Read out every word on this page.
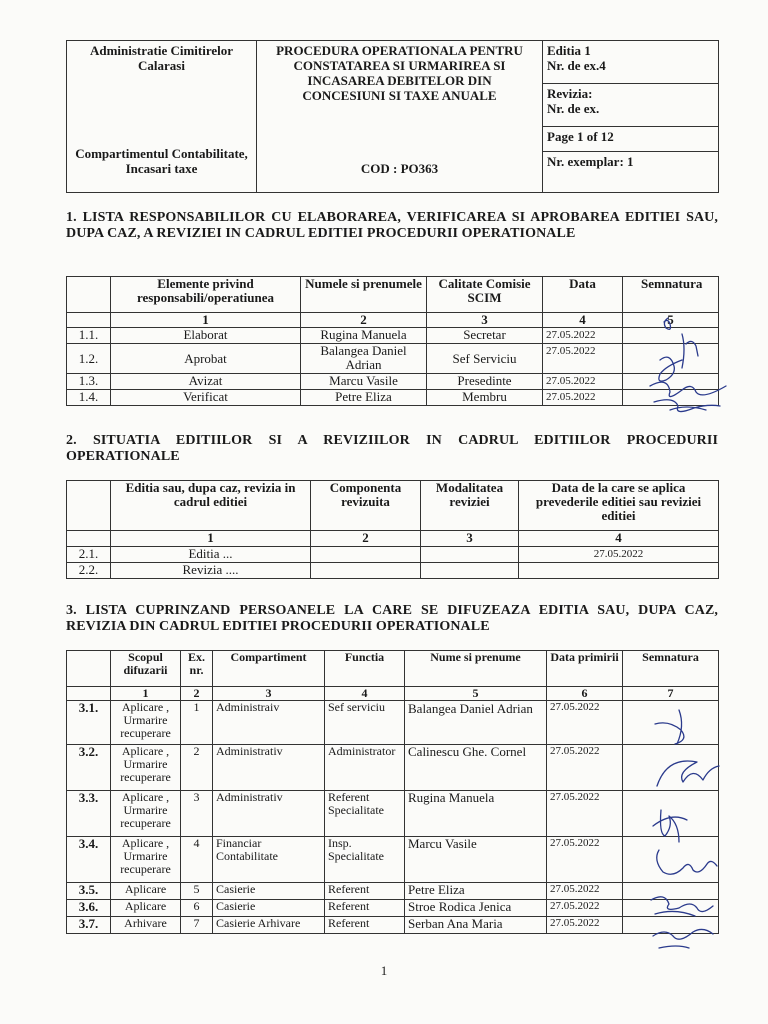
Administratie Cimitirelor Calarasi
Compartimentul Contabilitate, Incasari taxe

PROCEDURA OPERATIONALA PENTRU CONSTATAREA SI URMARIREA SI INCASAREA DEBITELOR DIN CONCESIUNI SI TAXE ANUALE
COD : PO363

Editia 1
Nr. de ex.4
Revizia:
Nr. de ex.
Page 1 of 12
Nr. exemplar: 1
1. LISTA RESPONSABILILOR CU ELABORAREA, VERIFICAREA SI APROBAREA EDITIEI SAU, DUPA CAZ, A REVIZIEI IN CADRUL EDITIEI PROCEDURII OPERATIONALE
	Elemente privind responsabili/operatiunea	Numele si prenumele	Calitate Comisie SCIM	Data	Semnatura
	1	2	3	4	5
1.1.	Elaborat	Rugina Manuela	Secretar	27.05.2022	
1.2.	Aprobat	Balangea Daniel Adrian	Sef Serviciu	27.05.2022	
1.3.	Avizat	Marcu Vasile	Presedinte	27.05.2022	
1.4.	Verificat	Petre Eliza	Membru	27.05.2022	
2. SITUATIA EDITIILOR SI A REVIZIILOR IN CADRUL EDITIILOR PROCEDURII OPERATIONALE
	Editia sau, dupa caz, revizia in cadrul editiei	Componenta revizuita	Modalitatea reviziei	Data de la care se aplica prevederile editiei sau reviziei editiei
	1	2	3	4
2.1.	Editia ...			27.05.2022
2.2.	Revizia ....			
3. LISTA CUPRINZAND PERSOANELE LA CARE SE DIFUZEAZA EDITIA SAU, DUPA CAZ, REVIZIA DIN CADRUL EDITIEI PROCEDURII OPERATIONALE
	Scopul difuzarii	Ex. nr.	Compartiment	Functia	Nume si prenume	Data primirii	Semnatura
	1	2	3	4	5	6	7
3.1.	Aplicare , Urmarire recuperare	1	Administraiv	Sef serviciu	Balangea Daniel Adrian	27.05.2022	
3.2.	Aplicare , Urmarire recuperare	2	Administrativ	Administrator	Calinescu Ghe. Cornel	27.05.2022	
3.3.	Aplicare , Urmarire recuperare	3	Administrativ	Referent Specialitate	Rugina Manuela	27.05.2022	
3.4.	Aplicare , Urmarire recuperare	4	Financiar Contabilitate	Insp. Specialitate	Marcu Vasile	27.05.2022	
3.5.	Aplicare	5	Casierie	Referent	Petre Eliza	27.05.2022	
3.6.	Aplicare	6	Casierie	Referent	Stroe Rodica Jenica	27.05.2022	
3.7.	Arhivare	7	Casierie Arhivare	Referent	Serban Ana Maria	27.05.2022	
1
